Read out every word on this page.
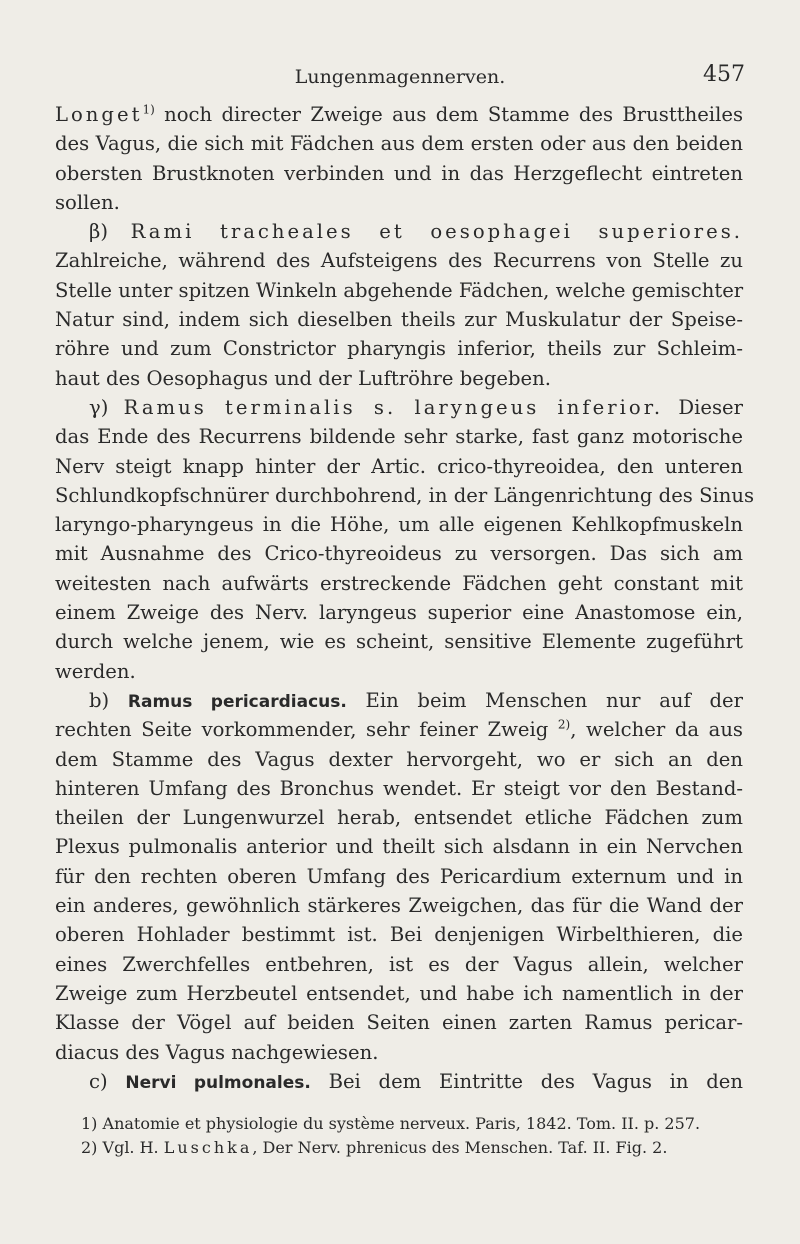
Lungenmagennerven.	457
Longet$^{1)}$ noch directer Zweige aus dem Stamme des Brusttheiles
des Vagus, die sich mit Fädchen aus dem ersten oder aus den beiden
obersten Brustknoten verbinden und in das Herzgeflecht eintreten
sollen.
β) Rami tracheales et oesophagei superiores.
Zahlreiche, während des Aufsteigens des Recurrens von Stelle zu
Stelle unter spitzen Winkeln abgehende Fädchen, welche gemischter
Natur sind, indem sich dieselben theils zur Muskulatur der Speise-
röhre und zum Constrictor pharyngis inferior, theils zur Schleim-
haut des Oesophagus und der Luftröhre begeben.
γ) Ramus terminalis s. laryngeus inferior. Dieser
das Ende des Recurrens bildende sehr starke, fast ganz motorische
Nerv steigt knapp hinter der Artic. crico-thyreoidea, den unteren
Schlundkopfschnürer durchbohrend, in der Längenrichtung des Sinus
laryngo-pharyngeus in die Höhe, um alle eigenen Kehlkopfmuskeln
mit Ausnahme des Crico-thyreoideus zu versorgen. Das sich am
weitesten nach aufwärts erstreckende Fädchen geht constant mit
einem Zweige des Nerv. laryngeus superior eine Anastomose ein,
durch welche jenem, wie es scheint, sensitive Elemente zugeführt
werden.
b) Ramus pericardiacus. Ein beim Menschen nur auf der
rechten Seite vorkommender, sehr feiner Zweig $^{2)}$, welcher da aus
dem Stamme des Vagus dexter hervorgeht, wo er sich an den
hinteren Umfang des Bronchus wendet. Er steigt vor den Bestand-
theilen der Lungenwurzel herab, entsendet etliche Fädchen zum
Plexus pulmonalis anterior und theilt sich alsdann in ein Nervchen
für den rechten oberen Umfang des Pericardium externum und in
ein anderes, gewöhnlich stärkeres Zweigchen, das für die Wand der
oberen Hohlader bestimmt ist. Bei denjenigen Wirbelthieren, die
eines Zwerchfelles entbehren, ist es der Vagus allein, welcher
Zweige zum Herzbeutel entsendet, und habe ich namentlich in der
Klasse der Vögel auf beiden Seiten einen zarten Ramus pericar-
diacus des Vagus nachgewiesen.
c) Nervi pulmonales. Bei dem Eintritte des Vagus in den
1) Anatomie et physiologie du système nerveux. Paris, 1842. Tom. II. p. 257.
2) Vgl. H. Luschka, Der Nerv. phrenicus des Menschen. Taf. II. Fig. 2.
